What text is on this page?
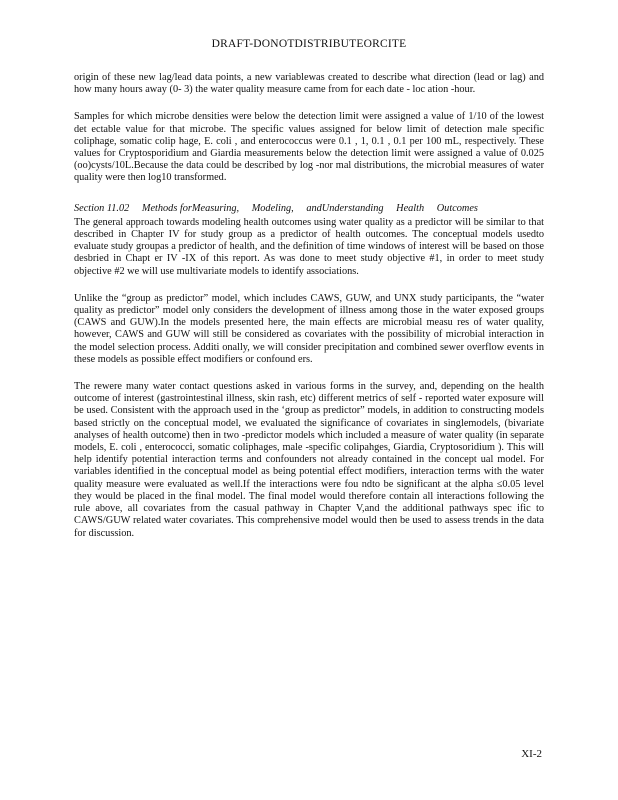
DRAFT-DONOTDISTRIBUTEORCITE

origin of these new lag/lead data points, a new variablewas created to describe what direction (lead or lag) and how many hours away (0- 3) the water quality measure came from for each date - loc ation -hour.

Samples for which microbe densities were below the detection limit were assigned a value of 1/10 of the lowest det ectable value for that microbe. The specific values assigned for below limit of detection male specific coliphage, somatic colip hage, E. coli , and enterococcus were 0.1 , 1, 0.1 , 0.1 per 100 mL, respectively. These values for Cryptosporidium and Giardia measurements below the detection limit were assigned a value of 0.025 (oo)cysts/10L.Because the data could be described by log -nor mal distributions, the microbial measures of water quality were then log10 transformed.

Section 11.02 Methods forMeasuring, Modeling, andUnderstanding Health Outcomes

The general approach towards modeling health outcomes using water quality as a predictor will be similar to that described in Chapter IV for study group as a predictor of health outcomes. The conceptual models usedto evaluate study groupas a predictor of health, and the definition of time windows of interest will be based on those desbried in Chapt er IV -IX of this report. As was done to meet study objective #1, in order to meet study objective #2 we will use multivariate models to identify associations.

Unlike the “group as predictor” model, which includes CAWS, GUW, and UNX study participants, the “water quality as predictor” model only considers the development of illness among those in the water exposed groups (CAWS and GUW).In the models presented here, the main effects are microbial measu res of water quality, however, CAWS and GUW will still be considered as covariates with the possibility of microbial interaction in the model selection process. Additi onally, we will consider precipitation and combined sewer overflow events in these models as possible effect modifiers or confound ers.

The rewere many water contact questions asked in various forms in the survey, and, depending on the health outcome of interest (gastrointestinal illness, skin rash, etc) different metrics of self - reported water exposure will be used. Consistent with the approach used in the ‘group as predictor” models, in addition to constructing models based strictly on the conceptual model, we evaluated the significance of covariates in singlemodels, (bivariate analyses of health outcome) then in two -predictor models which included a measure of water quality (in separate models, E. coli , enterococci, somatic coliphages, male -specific colipahges, Giardia, Cryptosoridium ). This will help identify potential interaction terms and confounders not already contained in the concept ual model. For variables identified in the conceptual model as being potential effect modifiers, interaction terms with the water quality measure were evaluated as well.If the interactions were fou ndto be significant at the alpha ≤0.05 level they would be placed in the final model. The final model would therefore contain all interactions following the rule above, all covariates from the casual pathway in Chapter V,and the additional pathways spec ific to CAWS/GUW related water covariates. This comprehensive model would then be used to assess trends in the data for discussion.

XI-2
